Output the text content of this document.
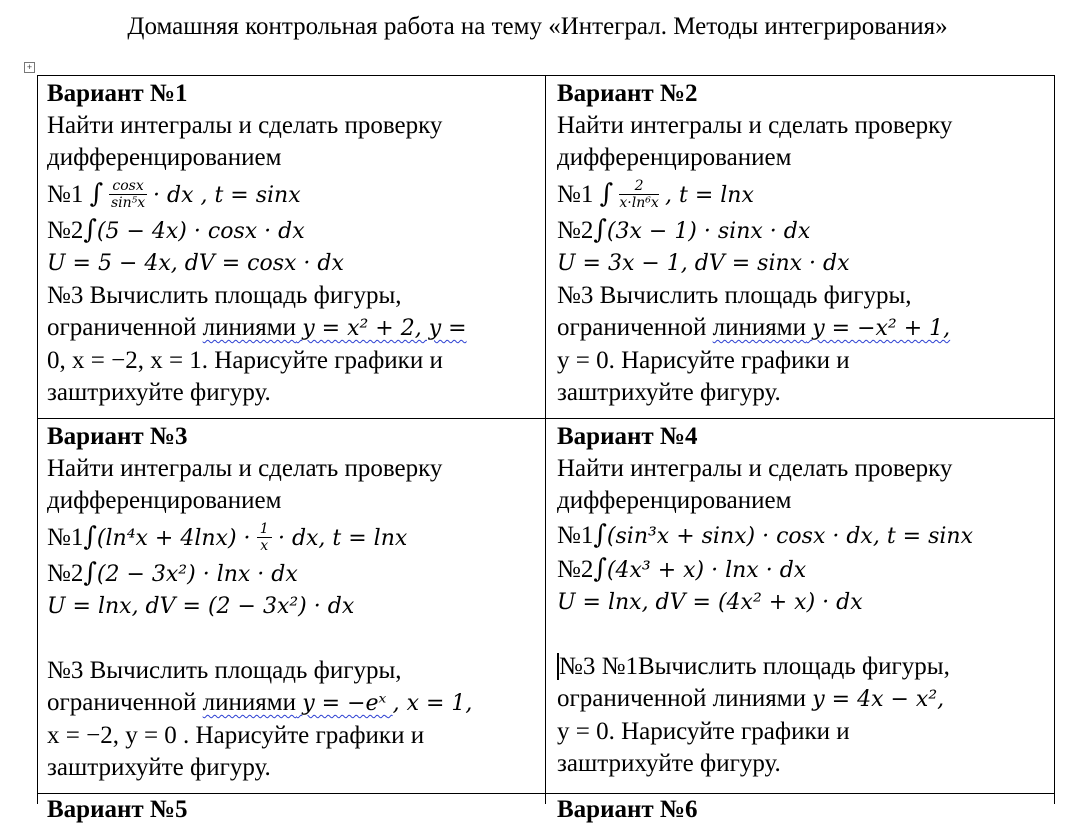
Домашняя контрольная работа на тему «Интеграл. Методы интегрирования»
+
Вариант №1
Найти интегралы и сделать проверку
дифференцированием
№1 ∫ $\frac{\cos x}{\text{sin⁵x}}$ · dx , t = sinx
№2∫(5 − 4x) · cosx · dx
U = 5 − 4x, dV = cosx · dx
№3 Вычислить площадь фигуры,
ограниченной линиями y = x² + 2, y =
0, x = −2, x = 1. Нарисуйте графики и
заштрихуйте фигуру.
Вариант №2
Найти интегралы и сделать проверку
дифференцированием
№1 ∫ $\frac{2}{\text{x·ln⁶x}}$ , t = lnx
№2∫(3x − 1) · sinx · dx
U = 3x − 1, dV = sinx · dx
№3 Вычислить площадь фигуры,
ограниченной линиями y = −x² + 1,
y = 0. Нарисуйте графики и
заштрихуйте фигуру.
Вариант №3
Найти интегралы и сделать проверку
дифференцированием
№1∫(ln⁴x + $4\ln x) \cdot \frac{1}{x}$ · dx, t = lnx
№2∫(2 − 3x²) · lnx · dx
U = lnx, dV = (2 − 3x²) · dx
№3 Вычислить площадь фигуры,
ограниченной линиями y = −eˣ , x = 1,
x = −2, y = 0 . Нарисуйте графики и
заштрихуйте фигуру.
Вариант №4
Найти интегралы и сделать проверку
дифференцированием
№1∫(sin³x + sinx) · cosx · dx, t = sinx
№2∫(4x³ + x) · lnx · dx
U = lnx, dV = (4x² + x) · dx
№3 №1Вычислить площадь фигуры,
ограниченной линиями y = 4x − x²,
y = 0. Нарисуйте графики и
заштрихуйте фигуру.
Вариант №5	Вариант №6
